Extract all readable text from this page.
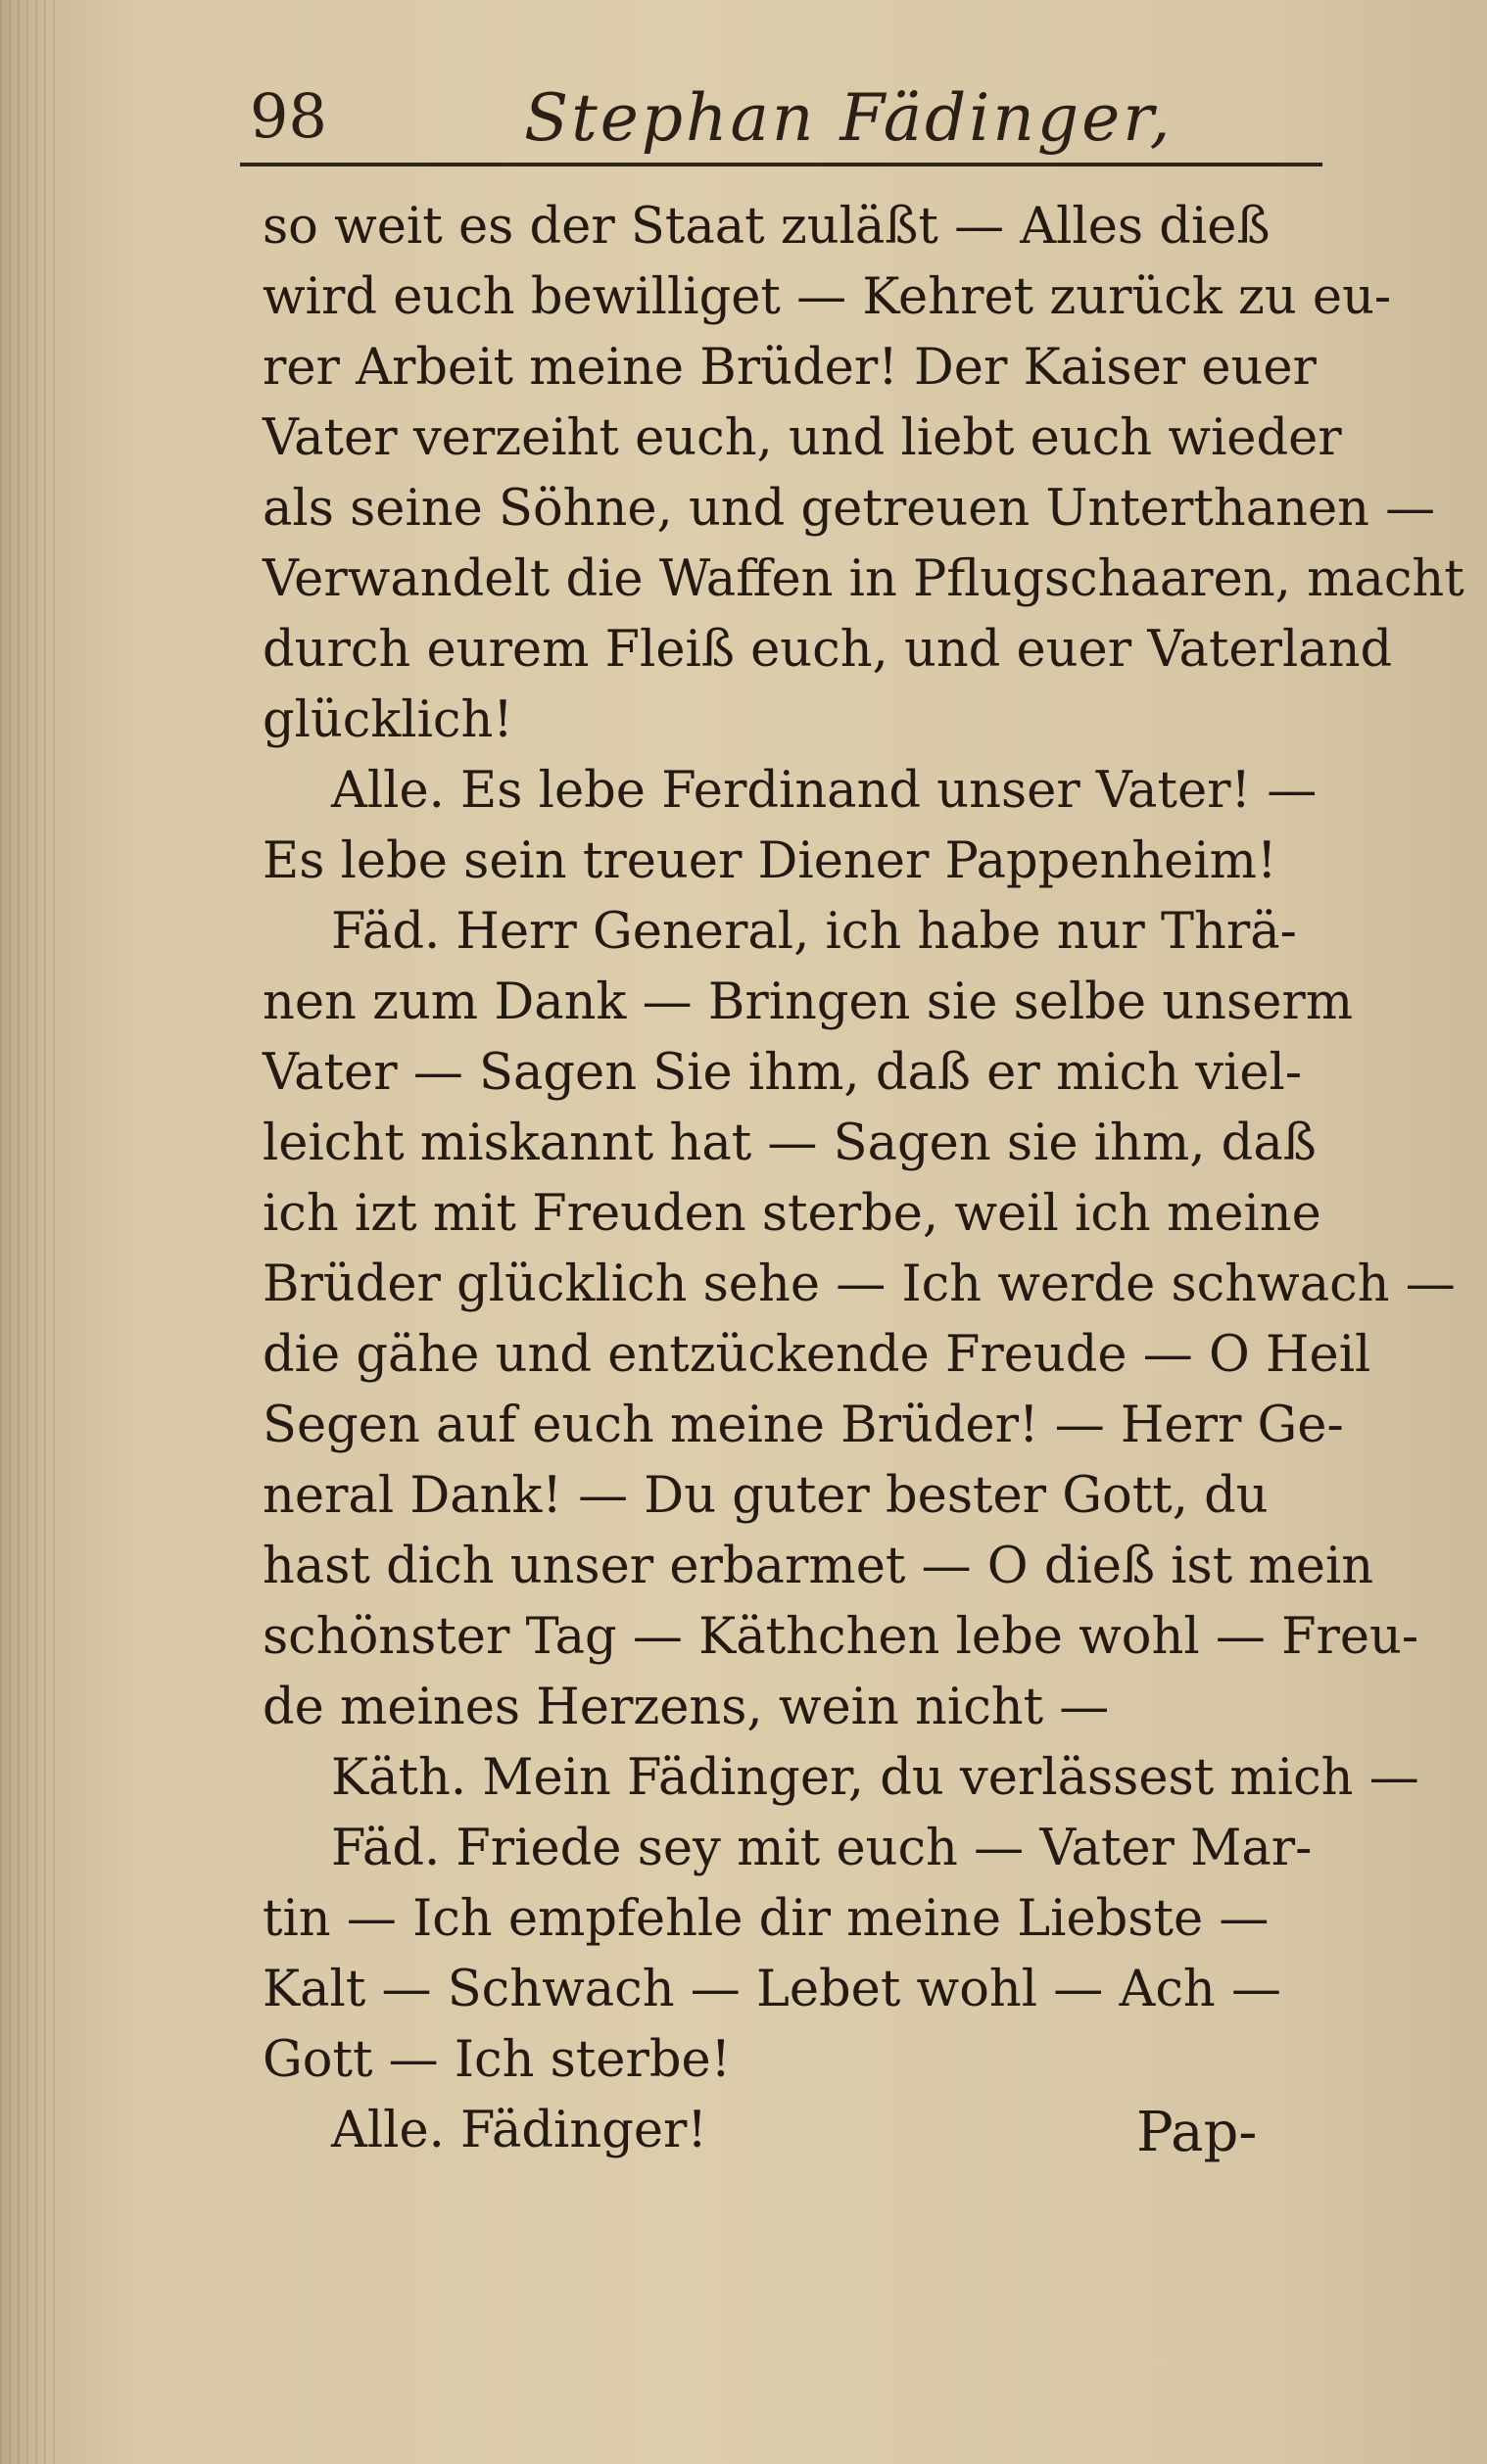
98	Stephan Fädinger,
so weit es der Staat zuläßt — Alles dieß
wird euch bewilliget — Kehret zurück zu eu-
rer Arbeit meine Brüder! Der Kaiser euer
Vater verzeiht euch, und liebt euch wieder
als seine Söhne, und getreuen Unterthanen —
Verwandelt die Waffen in Pflugschaaren, macht
durch eurem Fleiß euch, und euer Vaterland
glücklich!
Alle. Es lebe Ferdinand unser Vater! —
Es lebe sein treuer Diener Pappenheim!
Fäd. Herr General, ich habe nur Thrä-
nen zum Dank — Bringen sie selbe unserm
Vater — Sagen Sie ihm, daß er mich viel-
leicht miskannt hat — Sagen sie ihm, daß
ich izt mit Freuden sterbe, weil ich meine
Brüder glücklich sehe — Ich werde schwach —
die gähe und entzückende Freude — O Heil
Segen auf euch meine Brüder! — Herr Ge-
neral Dank! — Du guter bester Gott, du
hast dich unser erbarmet — O dieß ist mein
schönster Tag — Käthchen lebe wohl — Freu-
de meines Herzens, wein nicht —
Käth. Mein Fädinger, du verlässest mich —
Fäd. Friede sey mit euch — Vater Mar-
tin — Ich empfehle dir meine Liebste —
Kalt — Schwach — Lebet wohl — Ach —
Gott — Ich sterbe!
Alle. Fädinger!	Pap-
